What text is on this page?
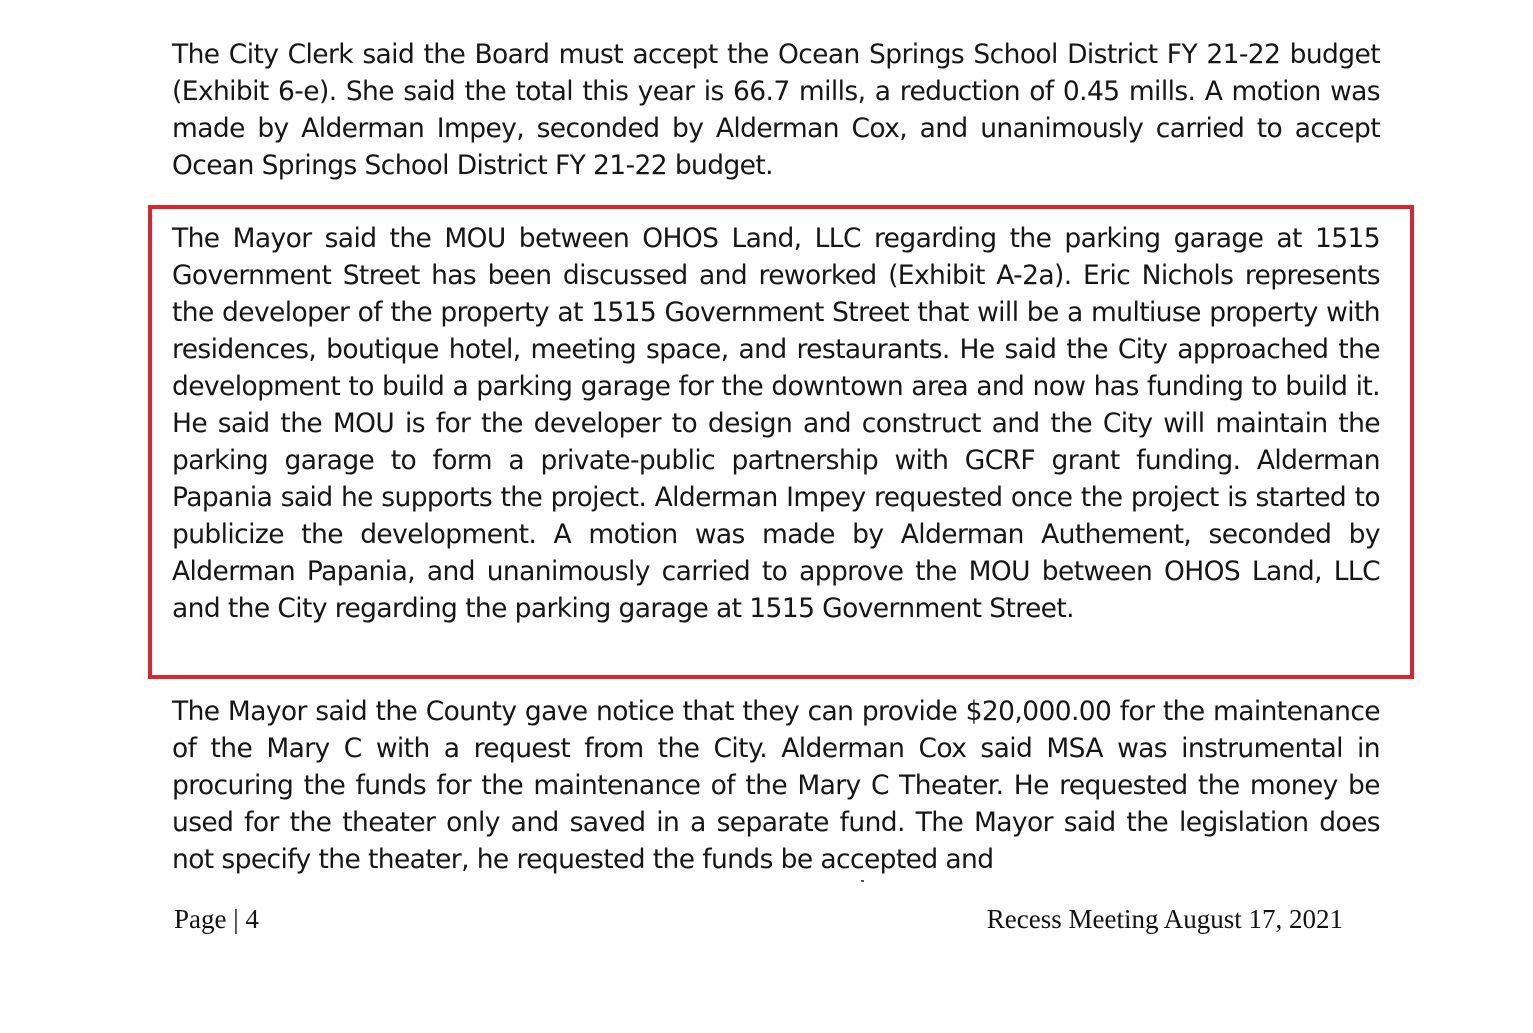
The City Clerk said the Board must accept the Ocean Springs School District FY 21-22 budget (Exhibit 6-e). She said the total this year is 66.7 mills, a reduction of 0.45 mills. A motion was made by Alderman Impey, seconded by Alderman Cox, and unanimously carried to accept Ocean Springs School District FY 21-22 budget.

The Mayor said the MOU between OHOS Land, LLC regarding the parking garage at 1515 Government Street has been discussed and reworked (Exhibit A-2a). Eric Nichols represents the developer of the property at 1515 Government Street that will be a multiuse property with residences, boutique hotel, meeting space, and restaurants. He said the City approached the development to build a parking garage for the downtown area and now has funding to build it. He said the MOU is for the developer to design and construct and the City will maintain the parking garage to form a private-public partnership with GCRF grant funding. Alderman Papania said he supports the project. Alderman Impey requested once the project is started to publicize the development. A motion was made by Alderman Authement, seconded by Alderman Papania, and unanimously carried to approve the MOU between OHOS Land, LLC and the City regarding the parking garage at 1515 Government Street.

The Mayor said the County gave notice that they can provide $20,000.00 for the maintenance of the Mary C with a request from the City. Alderman Cox said MSA was instrumental in procuring the funds for the maintenance of the Mary C Theater. He requested the money be used for the theater only and saved in a separate fund. The Mayor said the legislation does not specify the theater, he requested the funds be accepted and

Page | 4	Recess Meeting August 17, 2021
